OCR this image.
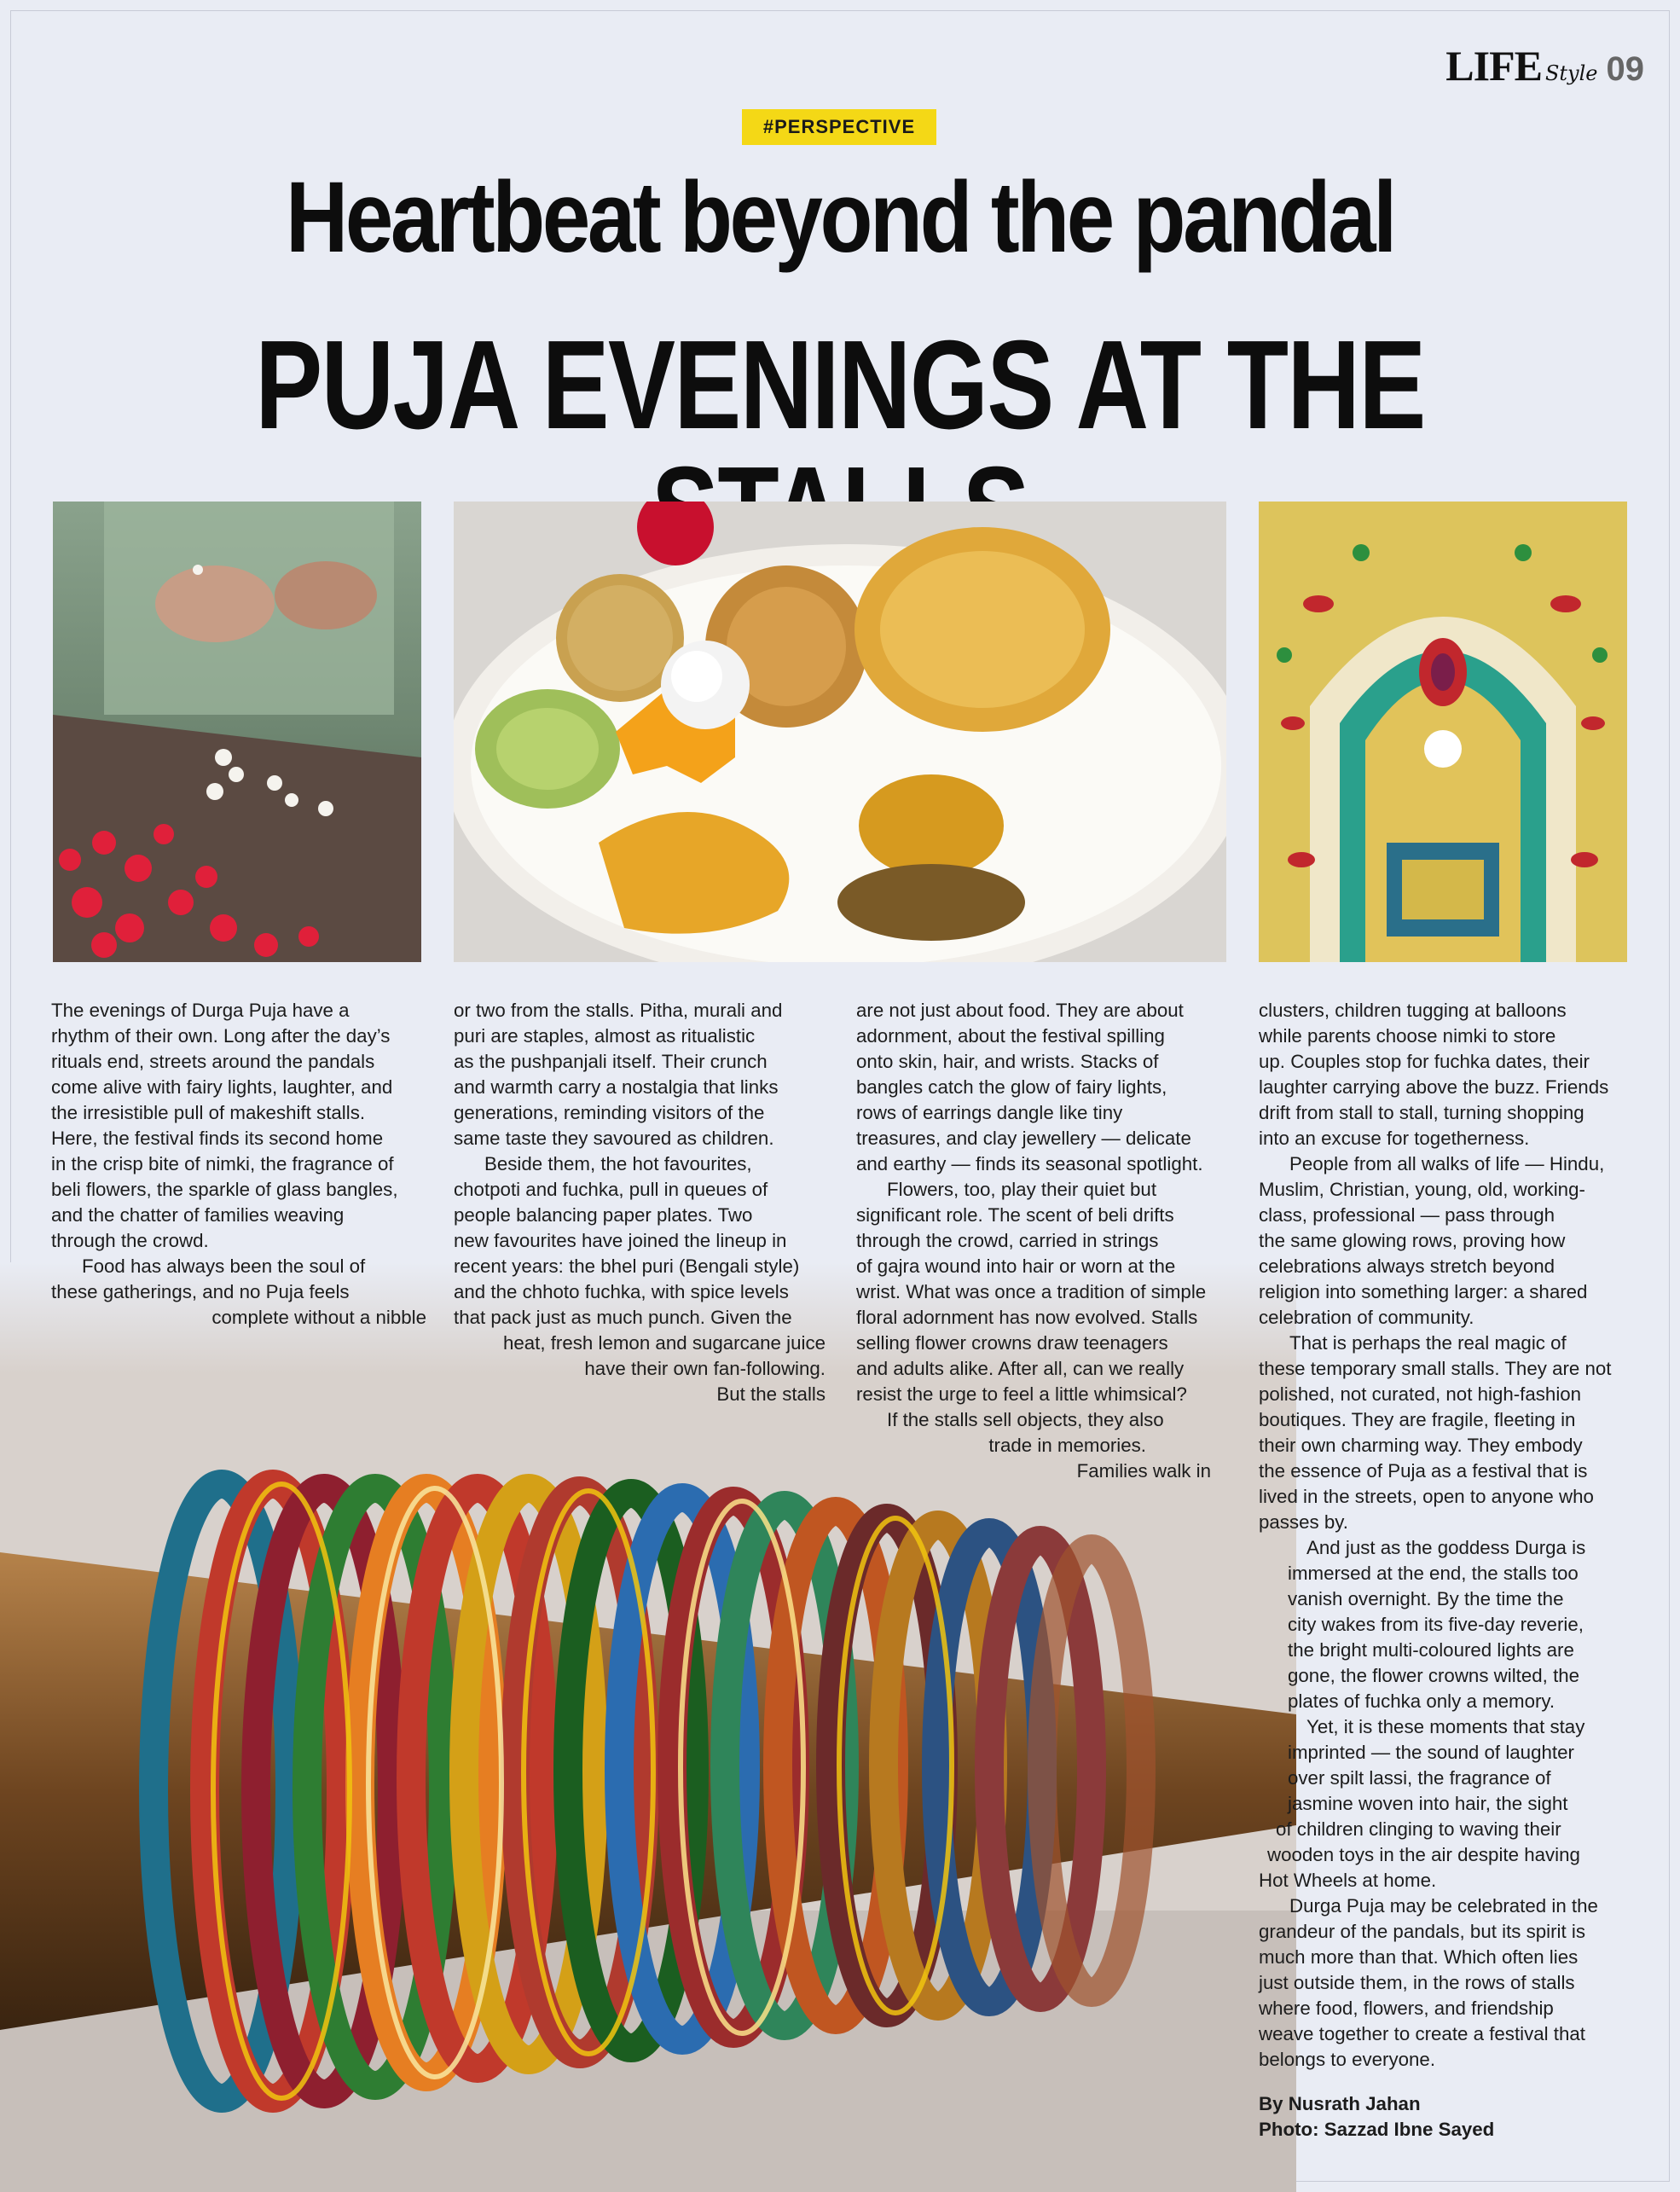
LIFE Style 09
#PERSPECTIVE
Heartbeat beyond the pandal
PUJA EVENINGS AT THE

The evenings of Durga Puja have a

rhythm of their own. Long after the day’s

rituals end, streets around the pandals

come alive with fairy lights, laughter, and

the irresistible pull of makeshift stalls.

Here, the festival finds its second home

in the crisp bite of nimki, the fragrance of

beli flowers, the sparkle of glass bangles,

and the chatter of families weaving

through the crowd.

Food has always been the soul of

these gatherings, and no Puja feels

complete without a nibble

or two from the stalls. Pitha, murali and

puri are staples, almost as ritualistic

as the pushpanjali itself. Their crunch

and warmth carry a nostalgia that links

generations, reminding visitors of the

same taste they savoured as children.

Beside them, the hot favourites,

chotpoti and fuchka, pull in queues of

people balancing paper plates. Two

new favourites have joined the lineup in

recent years: the bhel puri (Bengali style)

and the chhoto fuchka, with spice levels

that pack just as much punch. Given the

heat, fresh lemon and sugarcane juice

have their own fan-following.

But the stalls

are not just about food. They are about

adornment, about the festival spilling

onto skin, hair, and wrists. Stacks of

bangles catch the glow of fairy lights,

rows of earrings dangle like tiny

treasures, and clay jewellery — delicate

and earthy — finds its seasonal spotlight.

Flowers, too, play their quiet but

significant role. The scent of beli drifts

through the crowd, carried in strings

of gajra wound into hair or worn at the

wrist. What was once a tradition of simple

floral adornment has now evolved. Stalls

selling flower crowns draw teenagers

and adults alike. After all, can we really

resist the urge to feel a little whimsical?

If the stalls sell objects, they also

trade in memories.

Families walk in

clusters, children tugging at balloons

while parents choose nimki to store

up. Couples stop for fuchka dates, their

laughter carrying above the buzz. Friends

drift from stall to stall, turning shopping

into an excuse for togetherness.

People from all walks of life — Hindu,

Muslim, Christian, young, old, working-

class, professional — pass through

the same glowing rows, proving how

celebrations always stretch beyond

religion into something larger: a shared

celebration of community.

That is perhaps the real magic of

these temporary small stalls. They are not

polished, not curated, not high-fashion

boutiques. They are fragile, fleeting in

their own charming way. They embody

the essence of Puja as a festival that is

lived in the streets, open to anyone who

passes by.

And just as the goddess Durga is

immersed at the end, the stalls too

vanish overnight. By the time the

city wakes from its five-day reverie,

the bright multi-coloured lights are

gone, the flower crowns wilted, the

plates of fuchka only a memory.

Yet, it is these moments that stay

imprinted — the sound of laughter

over spilt lassi, the fragrance of

jasmine woven into hair, the sight

of children clinging to waving their

wooden toys in the air despite having

Hot Wheels at home.

Durga Puja may be celebrated in the

grandeur of the pandals, but its spirit is

much more than that. Which often lies

just outside them, in the rows of stalls

where food, flowers, and friendship

weave together to create a festival that

belongs to everyone.

By Nusrath Jahan

Photo: Sazzad Ibne Sayed
